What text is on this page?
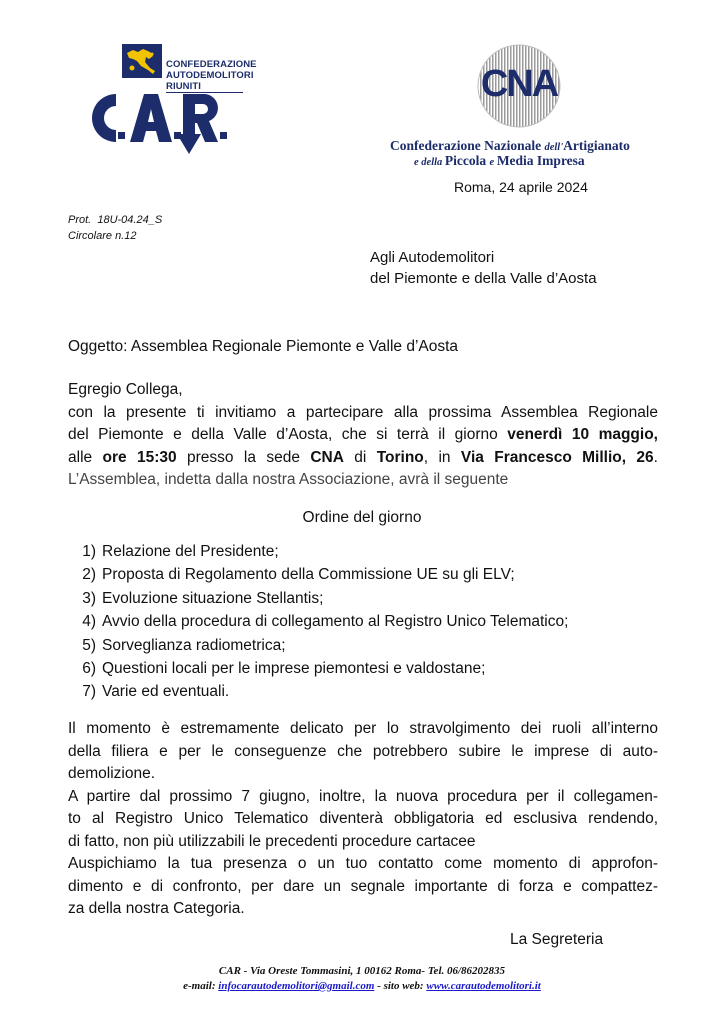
CONFEDERAZIONE
AUTODEMOLITORI
RIUNITI	CNA
Confederazione Nazionale dell'Artigianato
e della Piccola e Media Impresa
Roma, 24 aprile 2024
Prot.  18U-04.24_S
Circolare n.12
Agli Autodemolitori
del Piemonte e della Valle d’Aosta
Oggetto: Assemblea Regionale Piemonte e Valle d’Aosta
Egregio Collega,
con la presente ti invitiamo a partecipare alla prossima Assemblea Regionale
del Piemonte e della Valle d’Aosta, che si terrà il giorno venerdì 10 maggio,
alle ore 15:30 presso la sede CNA di Torino, in Via Francesco Millio, 26.
L’Assemblea, indetta dalla nostra Associazione, avrà il seguente
Ordine del giorno
1) Relazione del Presidente;
2) Proposta di Regolamento della Commissione UE su gli ELV;
3) Evoluzione situazione Stellantis;
4) Avvio della procedura di collegamento al Registro Unico Telematico;
5) Sorveglianza radiometrica;
6) Questioni locali per le imprese piemontesi e valdostane;
7) Varie ed eventuali.
Il momento è estremamente delicato per lo stravolgimento dei ruoli all’interno
della filiera e per le conseguenze che potrebbero subire le imprese di auto-
demolizione.
A partire dal prossimo 7 giugno, inoltre, la nuova procedura per il collegamen-
to al Registro Unico Telematico diventerà obbligatoria ed esclusiva rendendo,
di fatto, non più utilizzabili le precedenti procedure cartacee
Auspichiamo la tua presenza o un tuo contatto come momento di approfon-
dimento e di confronto, per dare un segnale importante di forza e compattez-
za della nostra Categoria.
La Segreteria
CAR - Via Oreste Tommasini, 1 00162 Roma- Tel. 06/86202835
e-mail: infocarautodemolitori@gmail.com - sito web: www.carautodemolitori.it
